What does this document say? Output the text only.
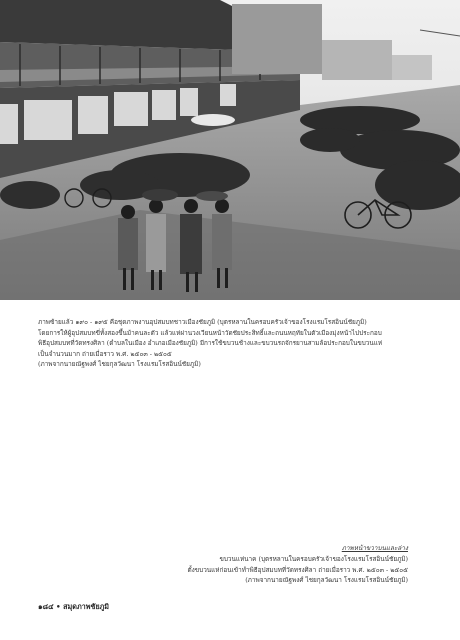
ภาพซ้ายแล้ว ๑๙๐ - ๑๙๕ คือชุดภาพงานอุปสมบทชาวเมืองชัยภูมิ (บุตรหลานในครอบครัวเจ้าของโรงแรมโรสอินน์ชัยภูมิ)

โดยการให้ผู้อุปสมบทขี่ทั้งสองขึ้นม้าคนละตัว แล้วแห่ผ่านวงเวียนหน้าวัดชัยประสิทธิ์และถนนหฤทัยในตัวเมืองมุ่งหน้าไปประกอบ

พิธีอุปสมบทที่วัดทรงศิลา (ตำบลในเมือง อำเภอเมืองชัยภูมิ) มีการใช้ขบวนช้างและขบวนรถจักรยานสามล้อประกอบในขบวนแห่

เป็นจำนวนมาก ถ่ายเมื่อราว พ.ศ. ๒๕๐๓ - ๒๕๐๕

(ภาพจากนายณัฐพงศ์ ไชยกุลวัฒนา โรงแรมโรสอินน์ชัยภูมิ)

ภาพหน้าขวาบนและล่าง

ขบวนแห่นาค (บุตรหลานในครอบครัวเจ้าของโรงแรมโรสอินน์ชัยภูมิ)

ตั้งขบวนแห่ก่อนเข้าทำพิธีอุปสมบทที่วัดทรงศิลา ถ่ายเมื่อราว พ.ศ. ๒๕๐๓ - ๒๕๐๕

(ภาพจากนายณัฐพงศ์ ไชยกุลวัฒนา โรงแรมโรสอินน์ชัยภูมิ)

๑๘๔ • สมุดภาพชัยภูมิ
